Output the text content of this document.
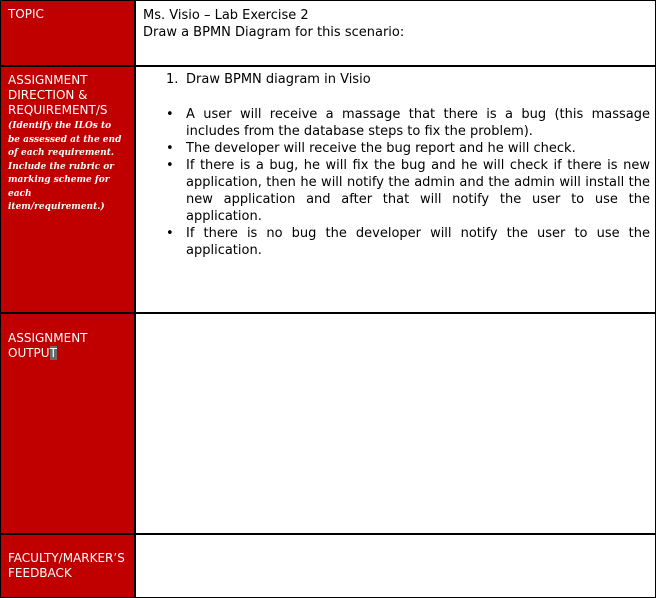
TOPIC	Ms. Visio – Lab Exercise 2
Draw a BPMN Diagram for this scenario:
ASSIGNMENT
DIRECTION &
REQUIREMENT/S
(Identify the ILOs to be assessed at the end of each requirement. Include the rubric or marking scheme for each item/requirement.)
1. Draw BPMN diagram in Visio
• A user will receive a massage that there is a bug (this massage includes from the database steps to fix the problem).
• The developer will receive the bug report and he will check.
• If there is a bug, he will fix the bug and he will check if there is new application, then he will notify the admin and the admin will install the new application and after that will notify the user to use the application.
• If there is no bug the developer will notify the user to use the application.
ASSIGNMENT
OUTPUT
FACULTY/MARKER’S
FEEDBACK
